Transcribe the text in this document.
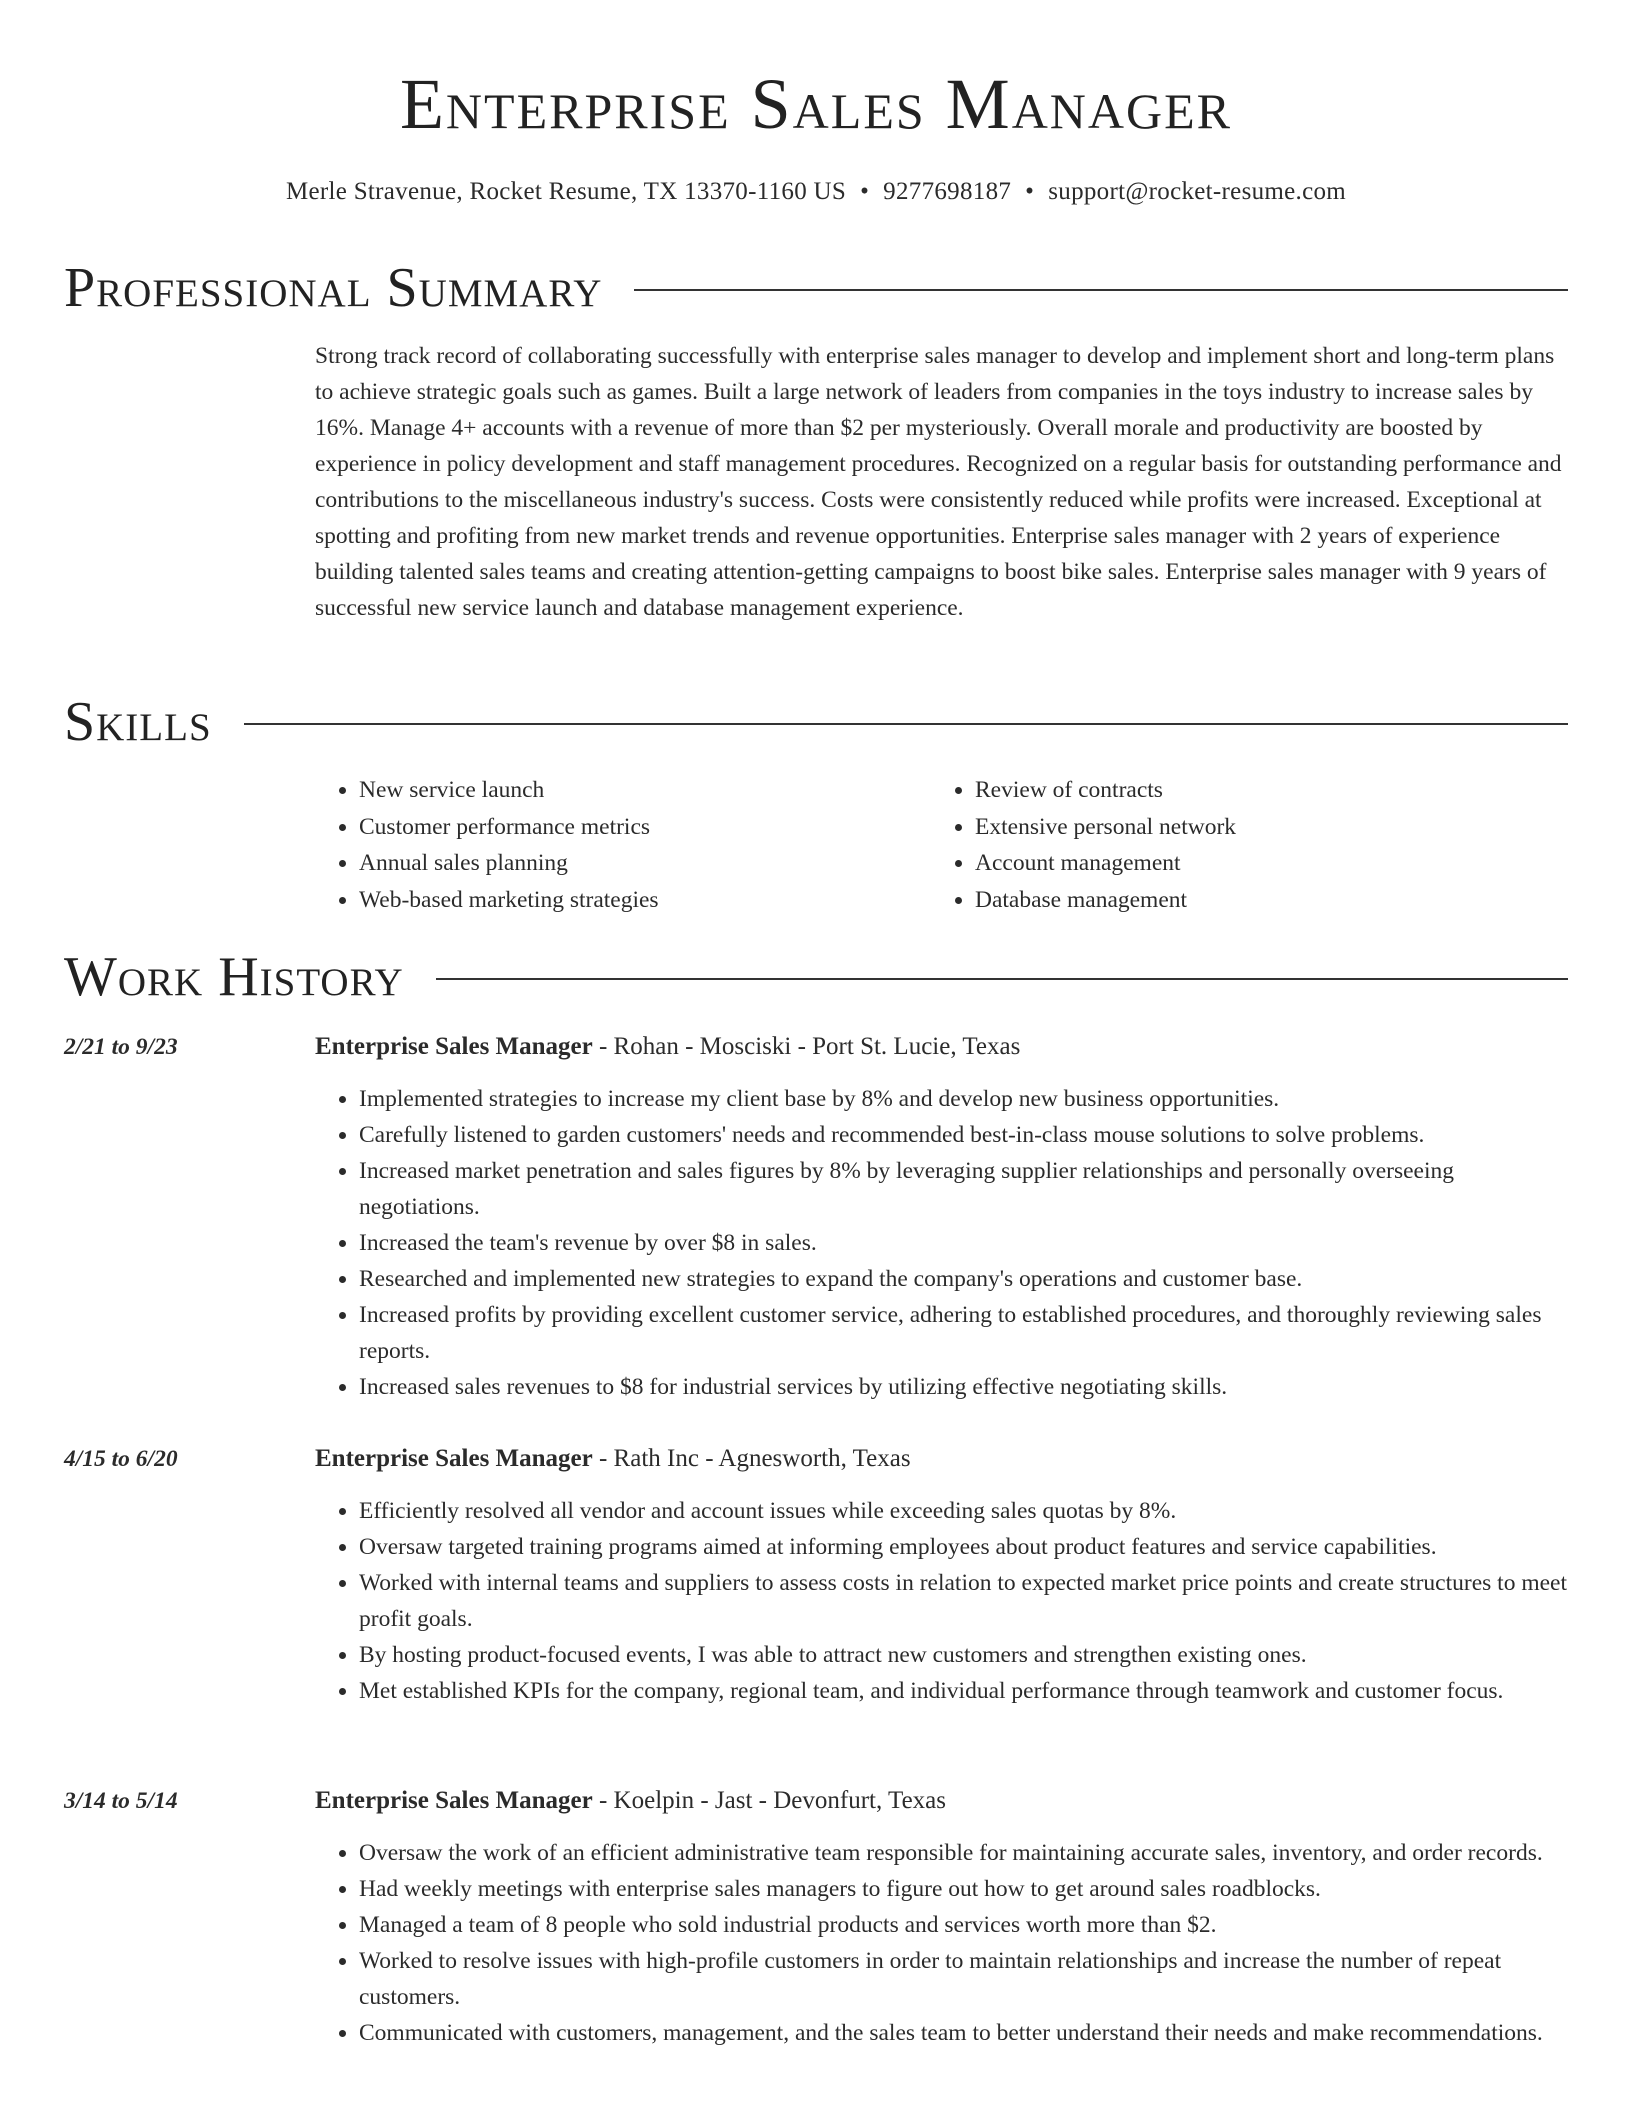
Enterprise Sales Manager
Merle Stravenue, Rocket Resume, TX 13370-1160 US • 9277698187 • support@rocket-resume.com
Professional Summary

Strong track record of collaborating successfully with enterprise sales manager to develop and implement short and long-term plans to achieve strategic goals such as games. Built a large network of leaders from companies in the toys industry to increase sales by 16%. Manage 4+ accounts with a revenue of more than $2 per mysteriously. Overall morale and productivity are boosted by experience in policy development and staff management procedures. Recognized on a regular basis for outstanding performance and contributions to the miscellaneous industry's success. Costs were consistently reduced while profits were increased. Exceptional at spotting and profiting from new market trends and revenue opportunities. Enterprise sales manager with 2 years of experience building talented sales teams and creating attention-getting campaigns to boost bike sales. Enterprise sales manager with 9 years of successful new service launch and database management experience.

Skills
• New service launch
• Customer performance metrics
• Annual sales planning
• Web-based marketing strategies
• Review of contracts
• Extensive personal network
• Account management
• Database management
Work History
2/21 to 9/23	Enterprise Sales Manager - Rohan - Mosciski - Port St. Lucie, Texas
• Implemented strategies to increase my client base by 8% and develop new business opportunities.
• Carefully listened to garden customers' needs and recommended best-in-class mouse solutions to solve problems.
• Increased market penetration and sales figures by 8% by leveraging supplier relationships and personally overseeing negotiations.
• Increased the team's revenue by over $8 in sales.
• Researched and implemented new strategies to expand the company's operations and customer base.
• Increased profits by providing excellent customer service, adhering to established procedures, and thoroughly reviewing sales reports.
• Increased sales revenues to $8 for industrial services by utilizing effective negotiating skills.
4/15 to 6/20	Enterprise Sales Manager - Rath Inc - Agnesworth, Texas
• Efficiently resolved all vendor and account issues while exceeding sales quotas by 8%.
• Oversaw targeted training programs aimed at informing employees about product features and service capabilities.
• Worked with internal teams and suppliers to assess costs in relation to expected market price points and create structures to meet profit goals.
• By hosting product-focused events, I was able to attract new customers and strengthen existing ones.
• Met established KPIs for the company, regional team, and individual performance through teamwork and customer focus.
3/14 to 5/14	Enterprise Sales Manager - Koelpin - Jast - Devonfurt, Texas
• Oversaw the work of an efficient administrative team responsible for maintaining accurate sales, inventory, and order records.
• Had weekly meetings with enterprise sales managers to figure out how to get around sales roadblocks.
• Managed a team of 8 people who sold industrial products and services worth more than $2.
• Worked to resolve issues with high-profile customers in order to maintain relationships and increase the number of repeat customers.
• Communicated with customers, management, and the sales team to better understand their needs and make recommendations.
